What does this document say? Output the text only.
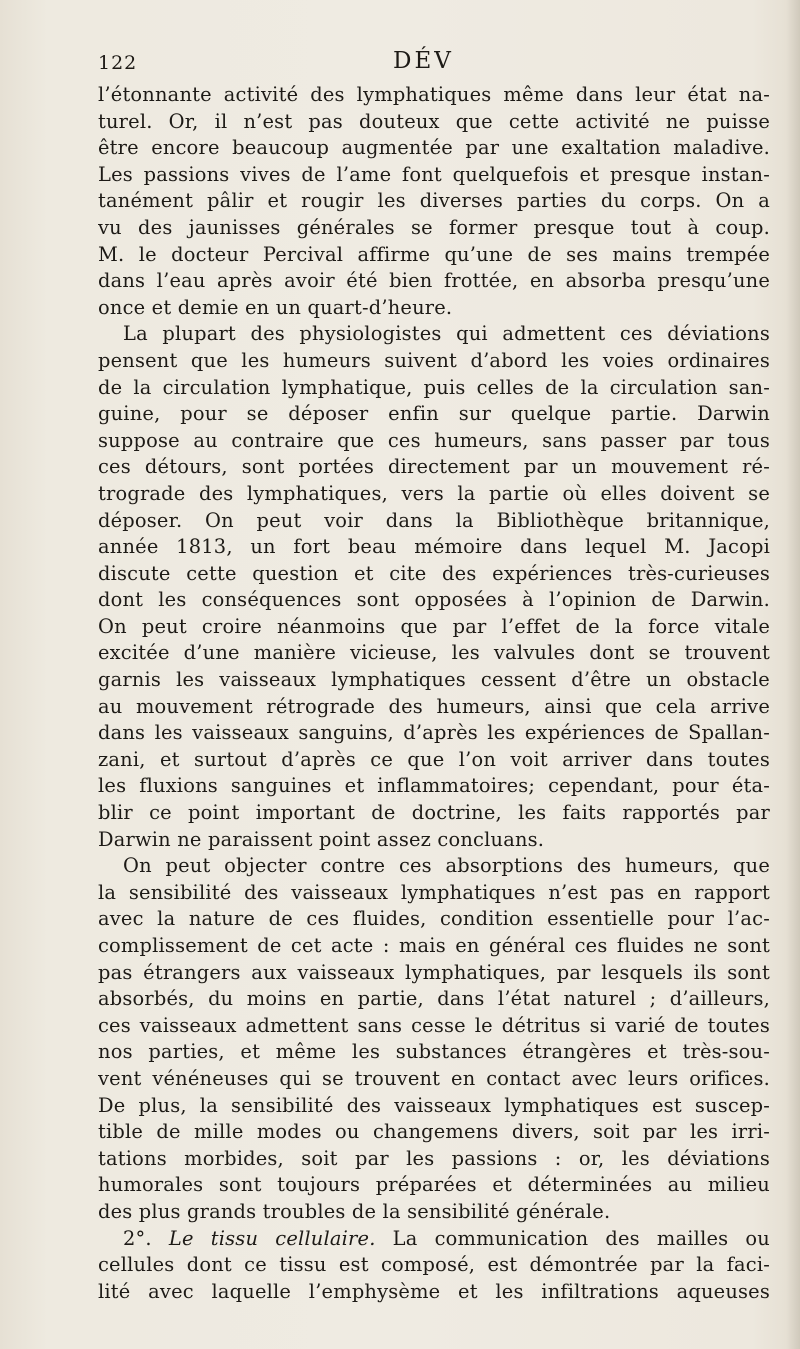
122	DÉV
l’étonnante activité des lymphatiques même dans leur état na-
turel. Or, il n’est pas douteux que cette activité ne puisse
être encore beaucoup augmentée par une exaltation maladive.
Les passions vives de l’ame font quelquefois et presque instan-
tanément pâlir et rougir les diverses parties du corps. On a
vu des jaunisses générales se former presque tout à coup.
M. le docteur Percival affirme qu’une de ses mains trempée
dans l’eau après avoir été bien frottée, en absorba presqu’une
once et demie en un quart-d’heure.
La plupart des physiologistes qui admettent ces déviations
pensent que les humeurs suivent d’abord les voies ordinaires
de la circulation lymphatique, puis celles de la circulation san-
guine, pour se déposer enfin sur quelque partie. Darwin
suppose au contraire que ces humeurs, sans passer par tous
ces détours, sont portées directement par un mouvement ré-
trograde des lymphatiques, vers la partie où elles doivent se
déposer. On peut voir dans la Bibliothèque britannique,
année 1813, un fort beau mémoire dans lequel M. Jacopi
discute cette question et cite des expériences très-curieuses
dont les conséquences sont opposées à l’opinion de Darwin.
On peut croire néanmoins que par l’effet de la force vitale
excitée d’une manière vicieuse, les valvules dont se trouvent
garnis les vaisseaux lymphatiques cessent d’être un obstacle
au mouvement rétrograde des humeurs, ainsi que cela arrive
dans les vaisseaux sanguins, d’après les expériences de Spallan-
zani, et surtout d’après ce que l’on voit arriver dans toutes
les fluxions sanguines et inflammatoires; cependant, pour éta-
blir ce point important de doctrine, les faits rapportés par
Darwin ne paraissent point assez concluans.
On peut objecter contre ces absorptions des humeurs, que
la sensibilité des vaisseaux lymphatiques n’est pas en rapport
avec la nature de ces fluides, condition essentielle pour l’ac-
complissement de cet acte : mais en général ces fluides ne sont
pas étrangers aux vaisseaux lymphatiques, par lesquels ils sont
absorbés, du moins en partie, dans l’état naturel ; d’ailleurs,
ces vaisseaux admettent sans cesse le détritus si varié de toutes
nos parties, et même les substances étrangères et très-sou-
vent vénéneuses qui se trouvent en contact avec leurs orifices.
De plus, la sensibilité des vaisseaux lymphatiques est suscep-
tible de mille modes ou changemens divers, soit par les irri-
tations morbides, soit par les passions : or, les déviations
humorales sont toujours préparées et déterminées au milieu
des plus grands troubles de la sensibilité générale.
2°. Le tissu cellulaire. La communication des mailles ou
cellules dont ce tissu est composé, est démontrée par la faci-
lité avec laquelle l’emphysème et les infiltrations aqueuses
